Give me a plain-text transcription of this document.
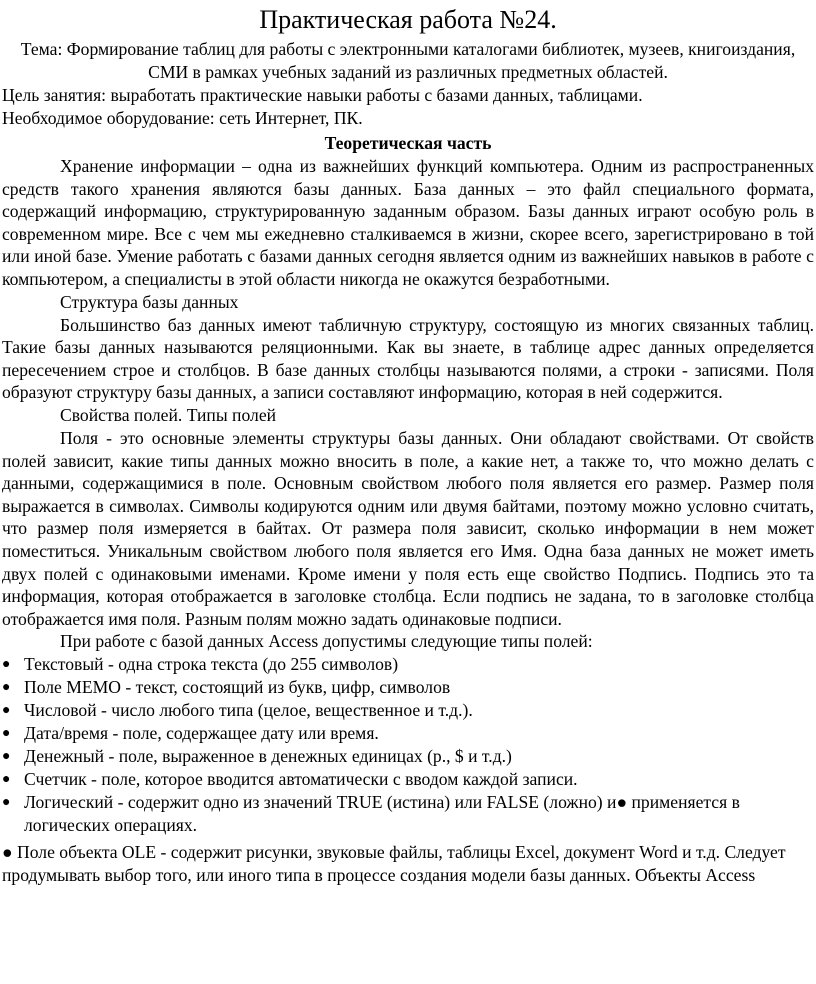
Практическая работа №24.

Тема: Формирование таблиц для работы с электронными каталогами библиотек, музеев, книгоиздания, СМИ в рамках учебных заданий из различных предметных областей.

Цель занятия: выработать практические навыки работы с базами данных, таблицами.

Необходимое оборудование: сеть Интернет, ПК.

Теоретическая часть

Хранение информации – одна из важнейших функций компьютера. Одним из распространенных средств такого хранения являются базы данных. База данных – это файл специального формата, содержащий информацию, структурированную заданным образом. Базы данных играют особую роль в современном мире. Все с чем мы ежедневно сталкиваемся в жизни, скорее всего, зарегистрировано в той или иной базе. Умение работать с базами данных сегодня является одним из важнейших навыков в работе с компьютером, а специалисты в этой области никогда не окажутся безработными.

Структура базы данных

Большинство баз данных имеют табличную структуру, состоящую из многих связанных таблиц. Такие базы данных называются реляционными. Как вы знаете, в таблице адрес данных определяется пересечением строе и столбцов. В базе данных столбцы называются полями, а строки - записями. Поля образуют структуру базы данных, а записи составляют информацию, которая в ней содержится.

Свойства полей. Типы полей

Поля - это основные элементы структуры базы данных. Они обладают свойствами. От свойств полей зависит, какие типы данных можно вносить в поле, а какие нет, а также то, что можно делать с данными, содержащимися в поле. Основным свойством любого поля является его размер. Размер поля выражается в символах. Символы кодируются одним или двумя байтами, поэтому можно условно считать, что размер поля измеряется в байтах. От размера поля зависит, сколько информации в нем может поместиться. Уникальным свойством любого поля является его Имя. Одна база данных не может иметь двух полей с одинаковыми именами. Кроме имени у поля есть еще свойство Подпись. Подпись это та информация, которая отображается в заголовке столбца. Если подпись не задана, то в заголовке столбца отображается имя поля. Разным полям можно задать одинаковые подписи.

При работе с базой данных Access допустимы следующие типы полей:

● Текстовый - одна строка текста (до 255 символов)
● Поле МЕМО - текст, состоящий из букв, цифр, символов
● Числовой - число любого типа (целое, вещественное и т.д.).
● Дата/время - поле, содержащее дату или время.
● Денежный - поле, выраженное в денежных единицах (р., $ и т.д.)
● Счетчик - поле, которое вводится автоматически с вводом каждой записи.
● Логический - содержит одно из значений TRUE (истина) или FALSE (ложно) и● применяется в логических операциях.

● Поле объекта OLE - содержит рисунки, звуковые файлы, таблицы Excel, документ Word и т.д. Следует продумывать выбор того, или иного типа в процессе создания модели базы данных. Объекты Access
